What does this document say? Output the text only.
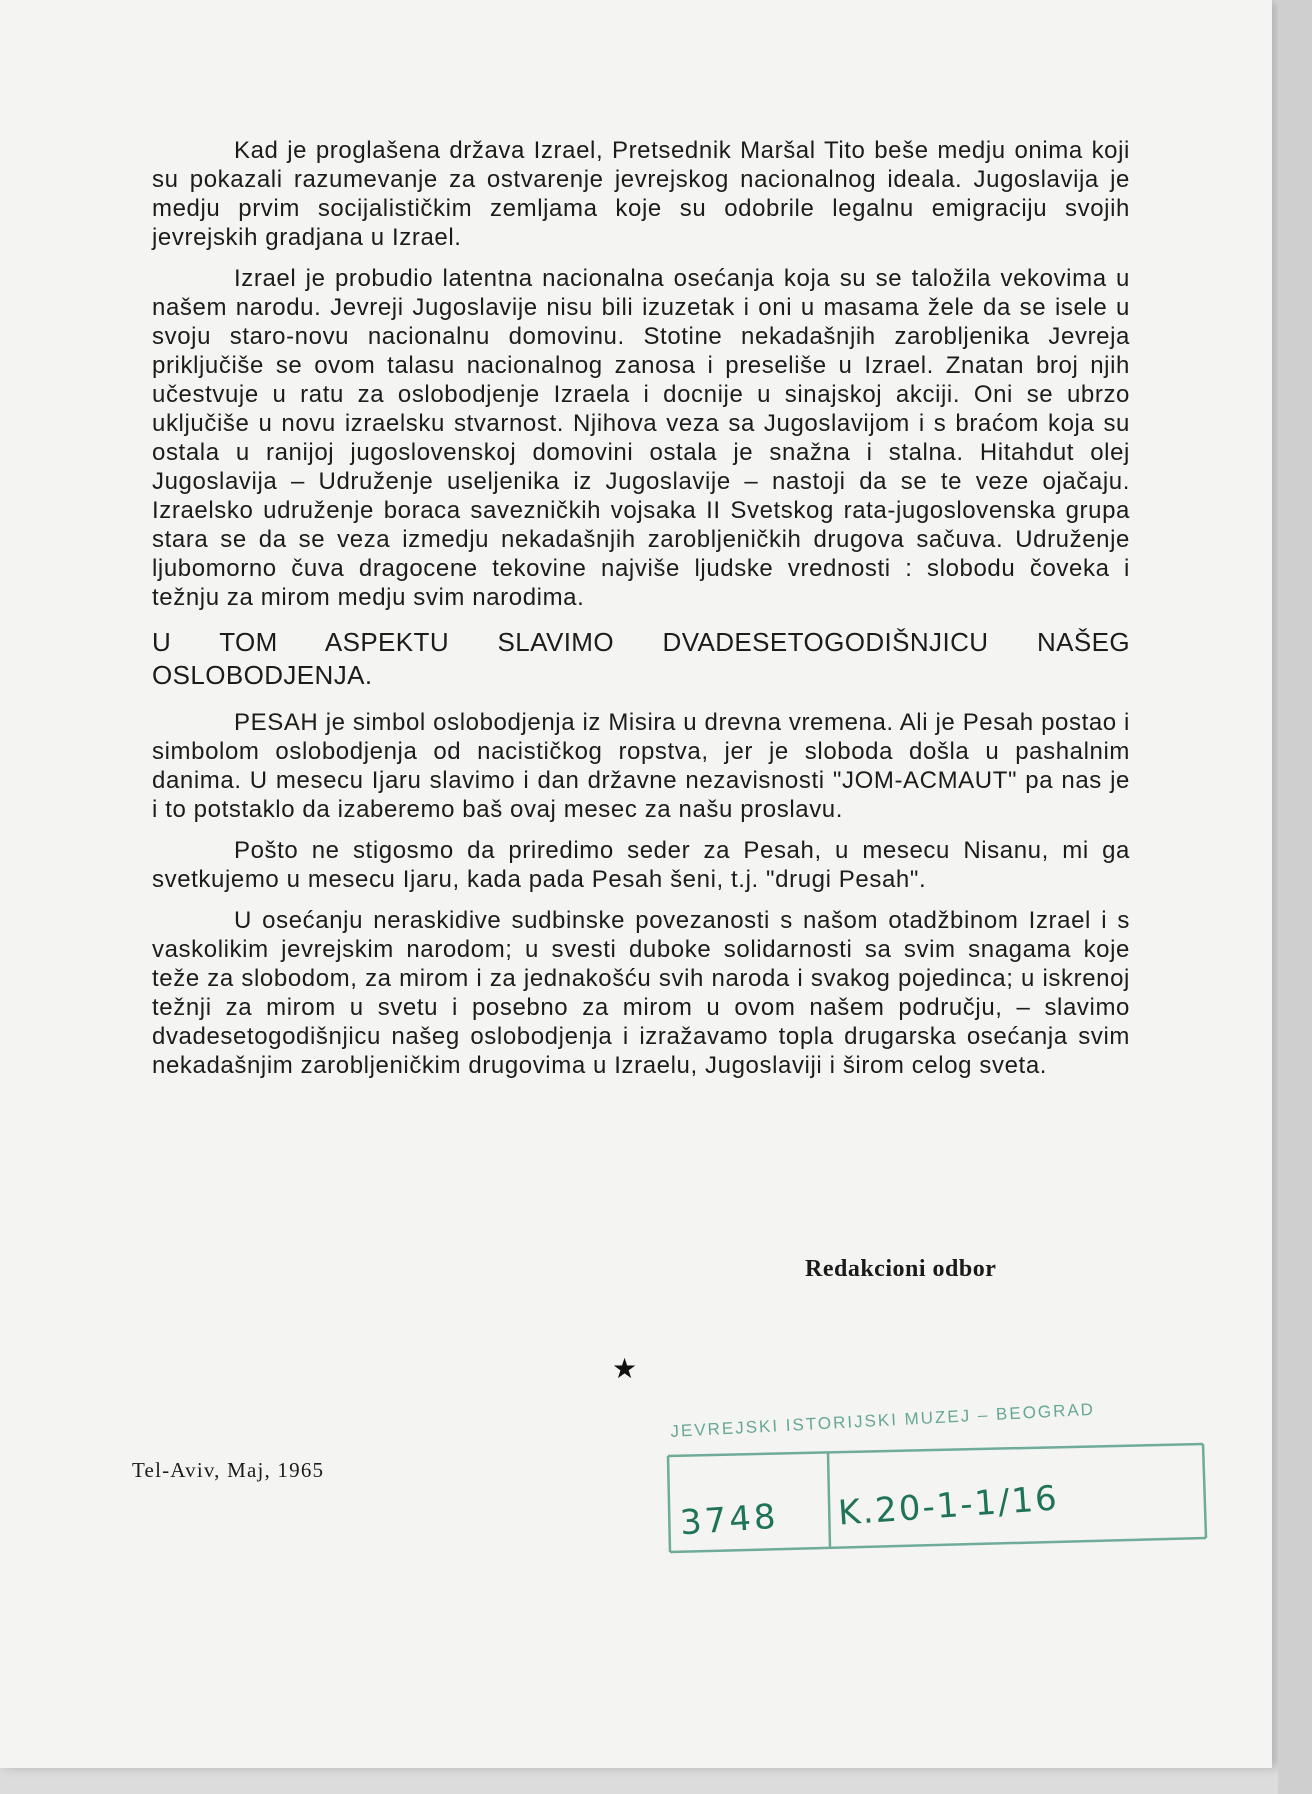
Kad je proglašena država Izrael, Pretsednik Maršal Tito beše medju onima koji su pokazali razumevanje za ostvarenje jevrejskog nacionalnog ideala. Jugoslavija je medju prvim socijalističkim zemljama koje su odobrile legalnu emigraciju svojih jevrejskih gradjana u Izrael.

Izrael je probudio latentna nacionalna osećanja koja su se taložila vekovima u našem narodu. Jevreji Jugoslavije nisu bili izuzetak i oni u masama žele da se isele u svoju staro-novu nacionalnu domovinu. Stotine nekadašnjih zarobljenika Jevreja priključiše se ovom talasu nacionalnog zanosa i preseliše u Izrael. Znatan broj njih učestvuje u ratu za oslobodjenje Izraela i docnije u sinajskoj akciji. Oni se ubrzo uključiše u novu izraelsku stvarnost. Njihova veza sa Jugoslavijom i s braćom koja su ostala u ranijoj jugoslovenskoj domovini ostala je snažna i stalna. Hitahdut olej Jugoslavija – Udruženje useljenika iz Jugoslavije – nastoji da se te veze ojačaju. Izraelsko udruženje boraca savezničkih vojsaka II Svetskog rata-jugoslovenska grupa stara se da se veza izmedju nekadašnjih zarobljeničkih drugova sačuva. Udruženje ljubomorno čuva dragocene tekovine najviše ljudske vrednosti : slobodu čoveka i težnju za mirom medju svim narodima.

U TOM ASPEKTU SLAVIMO DVADESETOGODIŠNJICU NAŠEG OSLOBODJENJA.

PESAH je simbol oslobodjenja iz Misira u drevna vremena. Ali je Pesah postao i simbolom oslobodjenja od nacističkog ropstva, jer je sloboda došla u pashalnim danima. U mesecu Ijaru slavimo i dan državne nezavisnosti "JOM-ACMAUT" pa nas je i to potstaklo da izaberemo baš ovaj mesec za našu proslavu.

Pošto ne stigosmo da priredimo seder za Pesah, u mesecu Nisanu, mi ga svetkujemo u mesecu Ijaru, kada pada Pesah šeni, t.j. "drugi Pesah".

U osećanju neraskidive sudbinske povezanosti s našom otadžbinom Izrael i s vaskolikim jevrejskim narodom; u svesti duboke solidarnosti sa svim snagama koje teže za slobodom, za mirom i za jednakošću svih naroda i svakog pojedinca; u iskrenoj težnji za mirom u svetu i posebno za mirom u ovom našem području, – slavimo dvadesetogodišnjicu našeg oslobodjenja i izražavamo topla drugarska osećanja svim nekadašnjim zarobljeničkim drugovima u Izraelu, Jugoslaviji i širom celog sveta.

Redakcioni odbor
★
Tel-Aviv, Maj, 1965
JEVREJSKI ISTORIJSKI MUZEJ – BEOGRAD
3748 K.20-1-1/16
